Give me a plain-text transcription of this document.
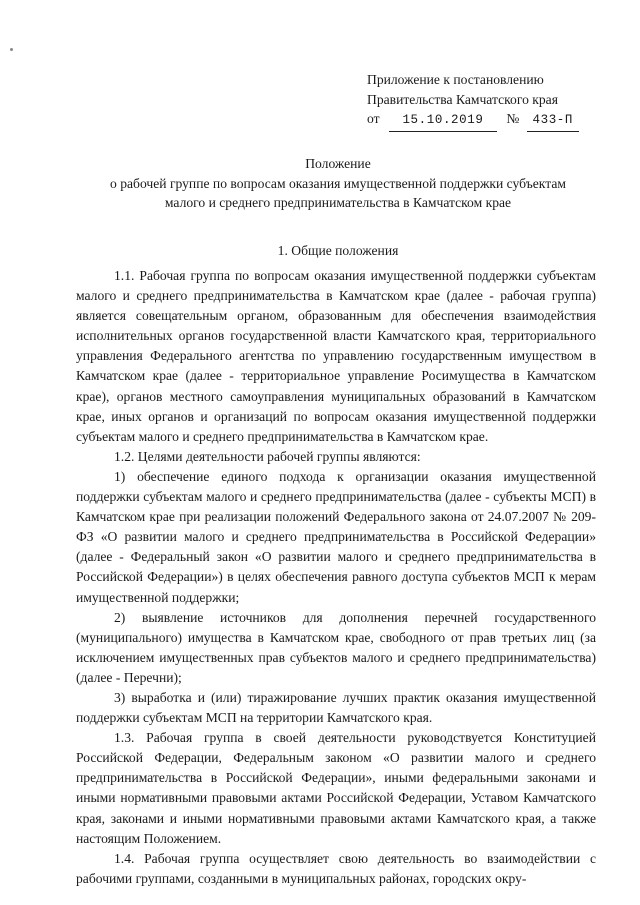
Приложение к постановлению
Правительства Камчатского края
от 15.10.2019 № 433-П
Положение
о рабочей группе по вопросам оказания имущественной поддержки субъектам
малого и среднего предпринимательства в Камчатском крае
1. Общие положения

1.1. Рабочая группа по вопросам оказания имущественной поддержки субъектам малого и среднего предпринимательства в Камчатском крае (далее - рабочая группа) является совещательным органом, образованным для обеспечения взаимодействия исполнительных органов государственной власти Камчатского края, территориального управления Федерального агентства по управлению государственным имуществом в Камчатском крае (далее - территориальное управление Росимущества в Камчатском крае), органов местного самоуправления муниципальных образований в Камчатском крае, иных органов и организаций по вопросам оказания имущественной поддержки субъектам малого и среднего предпринимательства в Камчатском крае.

1.2. Целями деятельности рабочей группы являются:

1) обеспечение единого подхода к организации оказания имущественной поддержки субъектам малого и среднего предпринимательства (далее - субъекты МСП) в Камчатском крае при реализации положений Федерального закона от 24.07.2007 № 209-ФЗ «О развитии малого и среднего предпринимательства в Российской Федерации» (далее - Федеральный закон «О развитии малого и среднего предпринимательства в Российской Федерации») в целях обеспечения равного доступа субъектов МСП к мерам имущественной поддержки;

2) выявление источников для дополнения перечней государственного (муниципального) имущества в Камчатском крае, свободного от прав третьих лиц (за исключением имущественных прав субъектов малого и среднего предпринимательства) (далее - Перечни);

3) выработка и (или) тиражирование лучших практик оказания имущественной поддержки субъектам МСП на территории Камчатского края.

1.3. Рабочая группа в своей деятельности руководствуется Конституцией Российской Федерации, Федеральным законом «О развитии малого и среднего предпринимательства в Российской Федерации», иными федеральными законами и иными нормативными правовыми актами Российской Федерации, Уставом Камчатского края, законами и иными нормативными правовыми актами Камчатского края, а также настоящим Положением.

1.4. Рабочая группа осуществляет свою деятельность во взаимодействии с рабочими группами, созданными в муниципальных районах, городских окру-
